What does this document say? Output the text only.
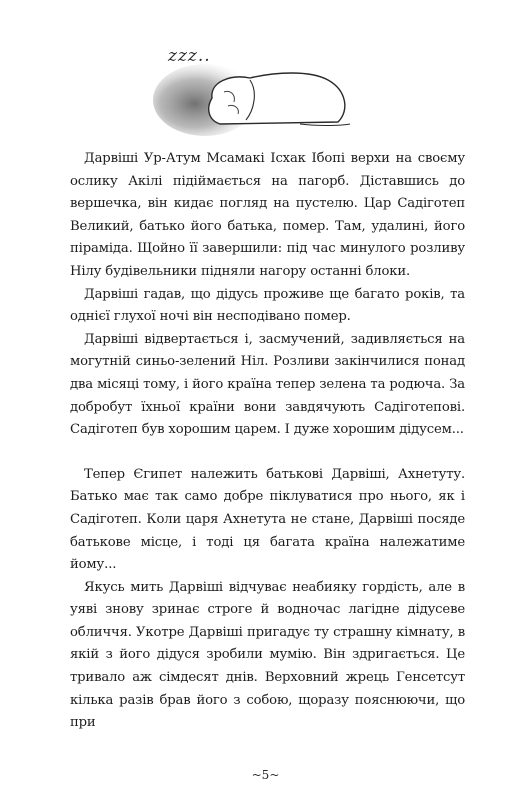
zzz..

Дарвіші Ур-Атум Мсамакі Ісхак Ібопі верхи на своєму ослику Акілі підіймається на пагорб. Діставшись до вершечка, він кидає погляд на пустелю. Цар Садіготеп Великий, батько його батька, помер. Там, удалині, його піраміда. Щойно її завершили: під час минулого розливу Нілу будівельники підняли нагору останні блоки.

Дарвіші гадав, що дідусь проживе ще багато років, та однієї глухої ночі він несподівано помер.

Дарвіші відвертається і, засмучений, задивляється на могутній синьо-зелений Ніл. Розливи закінчилися понад два місяці тому, і його країна тепер зелена та родюча. За добробут їхньої країни вони завдячують Садіготепові. Садіготеп був хорошим царем. І дуже хорошим дідусем...

Тепер Єгипет належить батькові Дарвіші, Ахнетуту. Батько має так само добре піклуватися про нього, як і Садіготеп. Коли царя Ахнетута не стане, Дарвіші посяде батькове місце, і тоді ця багата країна належатиме йому...

Якусь мить Дарвіші відчуває неабияку гордість, але в уяві знову зринає строге й водночас лагідне дідусеве обличчя. Укотре Дарвіші пригадує ту страшну кімнату, в якій з його дідуся зробили мумію. Він здригається. Це тривало аж сімдесят днів. Верховний жрець Генсетсут кілька разів брав його з собою, щоразу пояснюючи, що при

~5~
